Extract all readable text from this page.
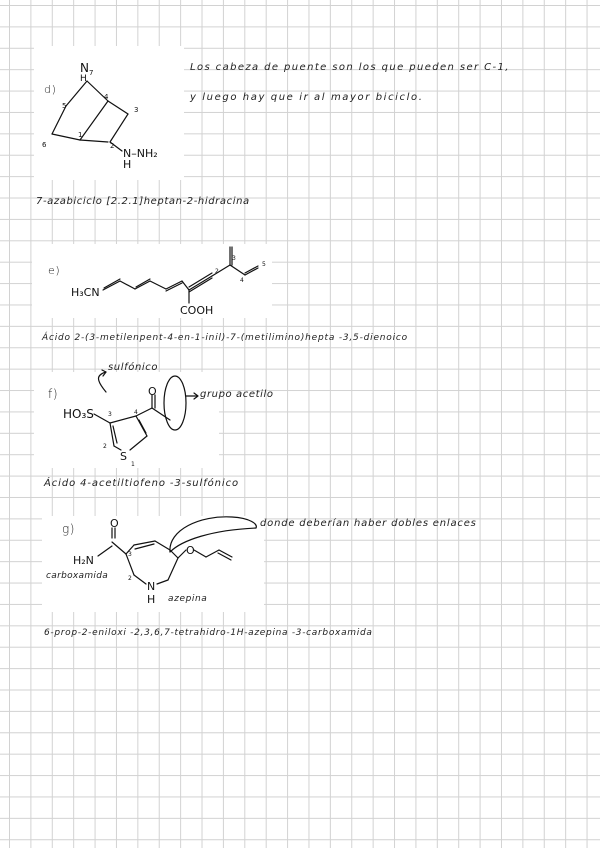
N
H
N–NH₂
H
7
5
4
3
6
1
2
H₃CN
COOH
3
5
2
4
HO₃S
O
S
3	4
2
1
O
H₂N
N
H
O
3
2
d)
e)
f)
g)
Los cabeza de puente son los que pueden ser C-1,
y luego hay que ir al mayor biciclo.
7-azabiciclo [2.2.1]heptan-2-hidracina
Ácido 2-(3-metilenpent-4-en-1-inil)-7-(metilimino)hepta -3,5-dienoico
sulfónico
grupo acetilo
Ácido 4-acetiltiofeno -3-sulfónico
donde deberían haber dobles enlaces
carboxamida
azepina
6-prop-2-eniloxi -2,3,6,7-tetrahidro-1H-azepina -3-carboxamida
